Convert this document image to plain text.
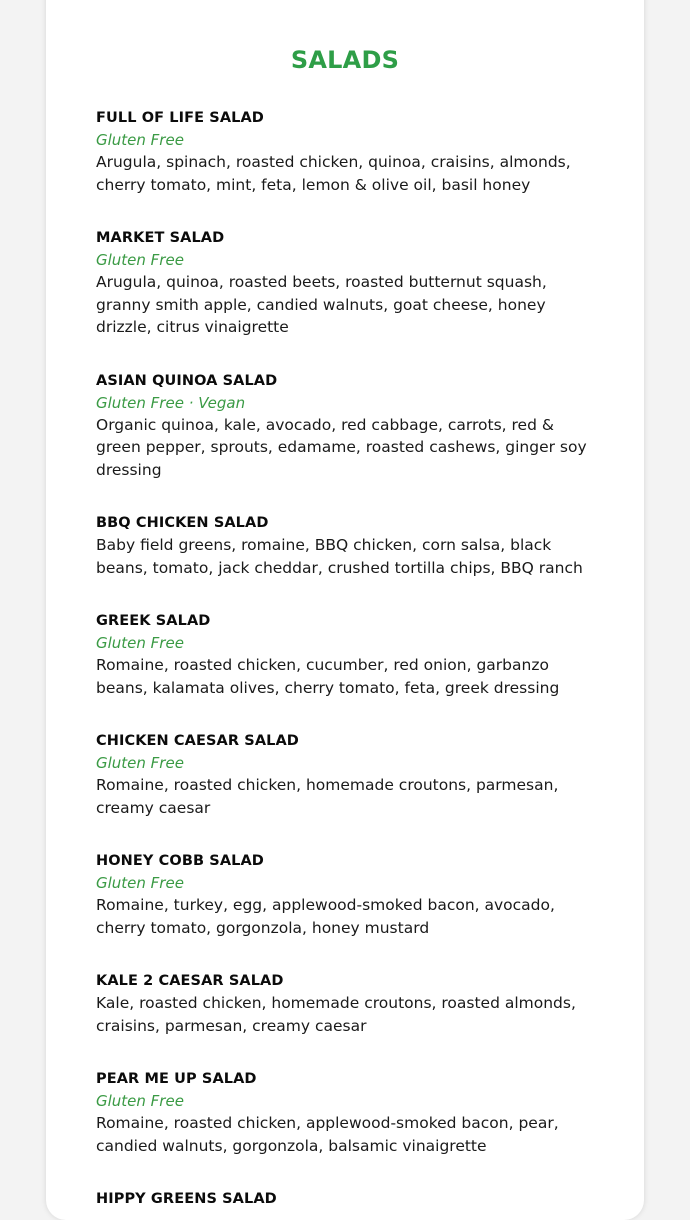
SALADS
FULL OF LIFE SALAD
Gluten Free
Arugula, spinach, roasted chicken, quinoa, craisins, almonds, cherry tomato, mint, feta, lemon & olive oil, basil honey
MARKET SALAD
Gluten Free
Arugula, quinoa, roasted beets, roasted butternut squash, granny smith apple, candied walnuts, goat cheese, honey drizzle, citrus vinaigrette
ASIAN QUINOA SALAD
Gluten Free · Vegan
Organic quinoa, kale, avocado, red cabbage, carrots, red & green pepper, sprouts, edamame, roasted cashews, ginger soy dressing
BBQ CHICKEN SALAD
Baby field greens, romaine, BBQ chicken, corn salsa, black beans, tomato, jack cheddar, crushed tortilla chips, BBQ ranch
GREEK SALAD
Gluten Free
Romaine, roasted chicken, cucumber, red onion, garbanzo beans, kalamata olives, cherry tomato, feta, greek dressing
CHICKEN CAESAR SALAD
Gluten Free
Romaine, roasted chicken, homemade croutons, parmesan, creamy caesar
HONEY COBB SALAD
Gluten Free
Romaine, turkey, egg, applewood-smoked bacon, avocado, cherry tomato, gorgonzola, honey mustard
KALE 2 CAESAR SALAD
Kale, roasted chicken, homemade croutons, roasted almonds, craisins, parmesan, creamy caesar
PEAR ME UP SALAD
Gluten Free
Romaine, roasted chicken, applewood-smoked bacon, pear, candied walnuts, gorgonzola, balsamic vinaigrette
HIPPY GREENS SALAD
